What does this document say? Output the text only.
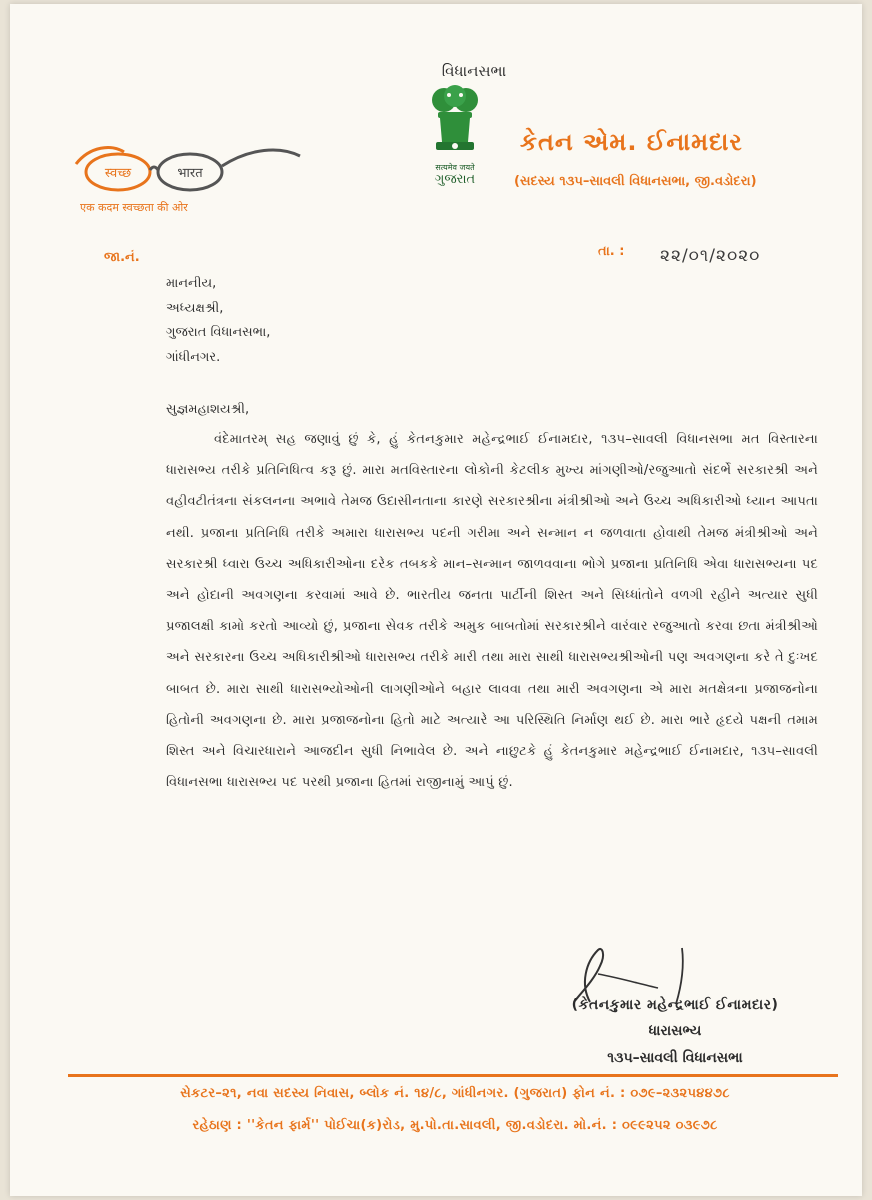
વિધાનસભા
सत्यमेव जयते
ગુજરાત
કેતન એમ. ઈનામદાર
(સદસ્ય ૧૩૫–સાવલી વિધાનસભા, જી.વડોદરા)
स्वच्छ	भारत
एक कदम स्वच्छता की ओर
જા.નં.	તા. : ૨૨/૦૧/૨૦૨૦
માનનીય,
અધ્યક્ષશ્રી,
ગુજરાત વિધાનસભા,
ગાંધીનગર.
સુજ્ઞમહાશયશ્રી,
વંદેમાતરમ્ સહ જણાવું છું કે, હું કેતનકુમાર મહેન્દ્રભાઈ ઈનામદાર, ૧૩૫–સાવલી વિધાનસભા મત વિસ્તારના ધારાસભ્ય તરીકે પ્રતિનિધિત્વ કરૂ છું. મારા મતવિસ્તારના લોકોની કેટલીક મુખ્ય માંગણીઓ/રજુઆતો સંદર્ભે સરકારશ્રી અને વહીવટીતંત્રના સંકલનના અભાવે તેમજ ઉદાસીનતાના કારણે સરકારશ્રીના મંત્રીશ્રીઓ અને ઉચ્ચ અધિકારીઓ ધ્યાન આપતા નથી. પ્રજાના પ્રતિનિધિ તરીકે અમારા ધારાસભ્ય પદની ગરીમા અને સન્માન ન જળવાતા હોવાથી તેમજ મંત્રીશ્રીઓ અને સરકારશ્રી ધ્વારા ઉચ્ચ અધિકારીઓના દરેક તબકકે માન–સન્માન જાળવવાના ભોગે પ્રજાના પ્રતિનિધિ એવા ધારાસભ્યના પદ અને હોદાની અવગણના કરવામાં આવે છે. ભારતીય જનતા પાર્ટીની શિસ્ત અને સિધ્ધાંતોને વળગી રહીને અત્યાર સુધી પ્રજાલક્ષી કામો કરતો આવ્યો છું, પ્રજાના સેવક તરીકે અમુક બાબતોમાં સરકારશ્રીને વારંવાર રજુઆતો કરવા છતા મંત્રીશ્રીઓ અને સરકારના ઉચ્ચ અધિકારીશ્રીઓ ધારાસભ્ય તરીકે મારી તથા મારા સાથી ધારાસભ્યશ્રીઓની પણ અવગણના કરે તે દુઃખદ બાબત છે. મારા સાથી ધારાસભ્યોઓની લાગણીઓને બહાર લાવવા તથા મારી અવગણના એ મારા મતક્ષેત્રના પ્રજાજનોના હિતોની અવગણના છે. મારા પ્રજાજનોના હિતો માટે અત્યારે આ પરિસ્થિતિ નિર્માણ થઈ છે. મારા ભારે હૃદયે પક્ષની તમામ શિસ્ત અને વિચારધારાને આજદીન સુધી નિભાવેલ છે. અને નાછુટકે હું કેતનકુમાર મહેન્દ્રભાઈ ઈનામદાર, ૧૩૫–સાવલી વિધાનસભા ધારાસભ્ય પદ પરથી પ્રજાના હિતમાં રાજીનામું આપું છું.
(કેતનકુમાર મહેન્દ્રભાઈ ઈનામદાર)
ધારાસભ્ય
૧૩૫–સાવલી વિધાનસભા
સેકટર–૨૧, નવા સદસ્ય નિવાસ, બ્લોક નં. ૧૪/૮, ગાંધીનગર. (ગુજરાત) ફોન નં. : ૦૭૯–૨૩૨૫૪૪૭૮
રહેઠાણ : ''કેતન ફાર્મ'' પોઈચા(ક)રોડ, મુ.પો.તા.સાવલી, જી.વડોદરા. મો.નં. : ૦૯૯૨૫૨ ૦૩૯૭૮
